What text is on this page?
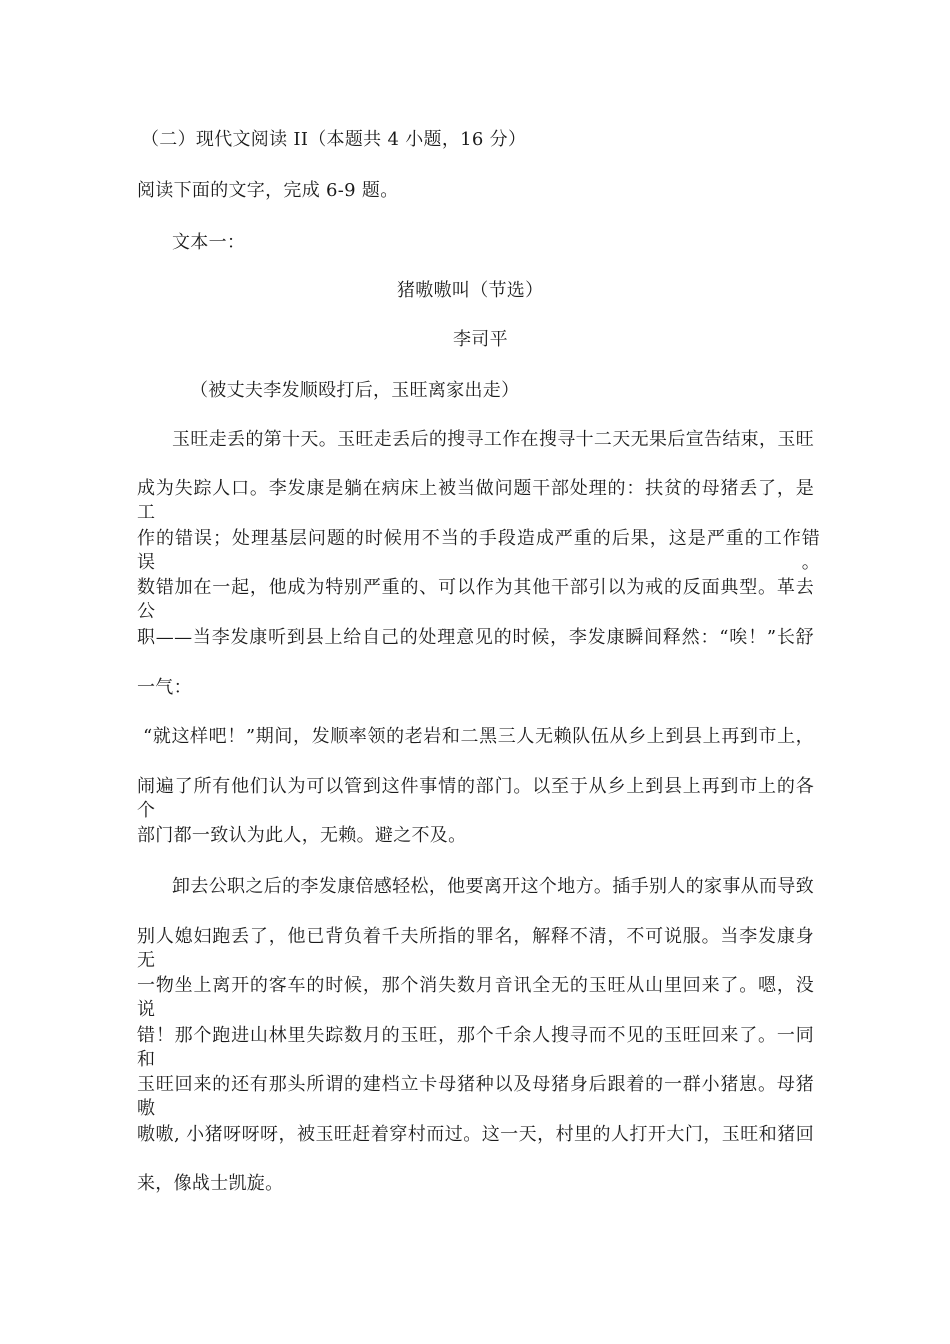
（二）现代文阅读 II（本题共 4 小题，16 分）
阅读下面的文字，完成 6-9 题。
文本一：
猪嗷嗷叫（节选）
李司平
（被丈夫李发顺殴打后，玉旺离家出走）
玉旺走丢的第十天。玉旺走丢后的搜寻工作在搜寻十二天无果后宣告结束，玉旺
成为失踪人口。李发康是躺在病床上被当做问题干部处理的：扶贫的母猪丢了，是工
作的错误；处理基层问题的时候用不当的手段造成严重的后果，这是严重的工作错误。
数错加在一起，他成为特别严重的、可以作为其他干部引以为戒的反面典型。革去公
职——当李发康听到县上给自己的处理意见的时候，李发康瞬间释然：“唉！”长舒
一气：
“就这样吧！”期间，发顺率领的老岩和二黑三人无赖队伍从乡上到县上再到市上，
闹遍了所有他们认为可以管到这件事情的部门。以至于从乡上到县上再到市上的各个
部门都一致认为此人，无赖。避之不及。
卸去公职之后的李发康倍感轻松，他要离开这个地方。插手别人的家事从而导致
别人媳妇跑丢了，他已背负着千夫所指的罪名，解释不清，不可说服。当李发康身无
一物坐上离开的客车的时候，那个消失数月音讯全无的玉旺从山里回来了。嗯，没说
错！那个跑进山林里失踪数月的玉旺，那个千余人搜寻而不见的玉旺回来了。一同和
玉旺回来的还有那头所谓的建档立卡母猪种以及母猪身后跟着的一群小猪崽。母猪嗷
嗷嗷, 小猪呀呀呀，被玉旺赶着穿村而过。这一天，村里的人打开大门，玉旺和猪回
来，像战士凯旋。
